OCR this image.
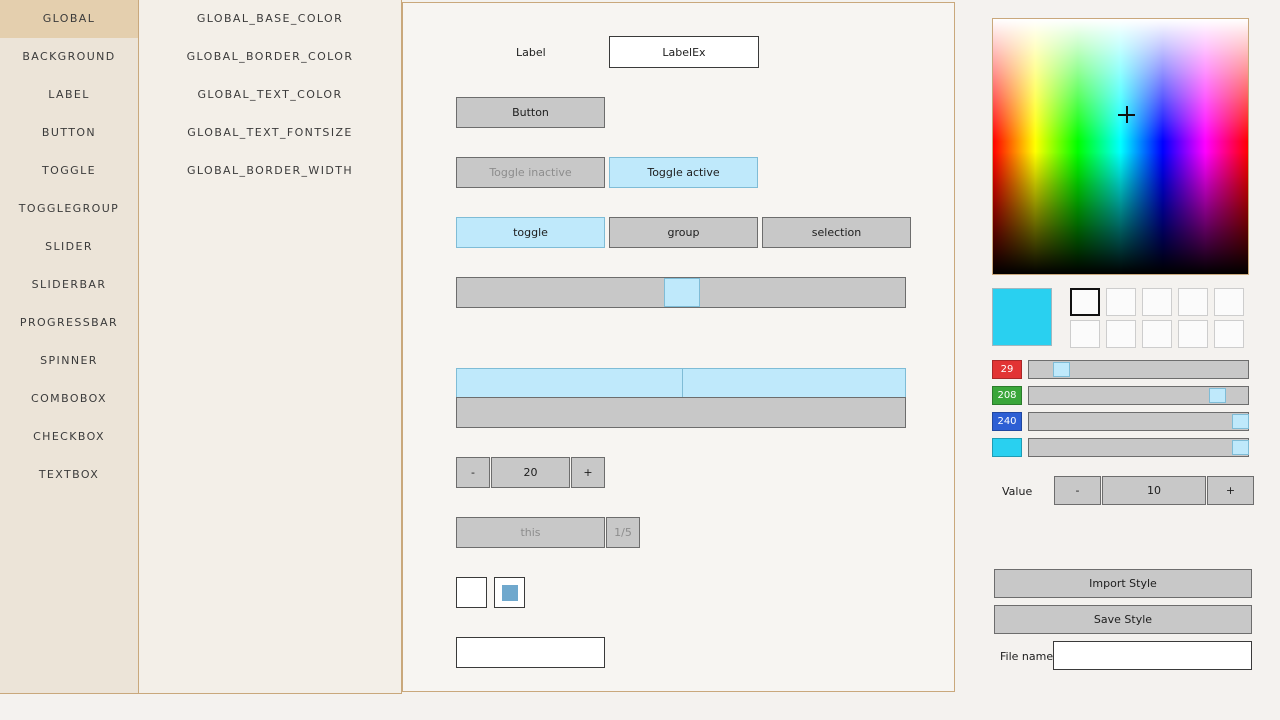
GLOBAL
BACKGROUND
LABEL
BUTTON
TOGGLE
TOGGLEGROUP
SLIDER
SLIDERBAR
PROGRESSBAR
SPINNER
COMBOBOX
CHECKBOX
TEXTBOX
GLOBAL_BASE_COLOR
GLOBAL_BORDER_COLOR
GLOBAL_TEXT_COLOR
GLOBAL_TEXT_FONTSIZE
GLOBAL_BORDER_WIDTH
Label	LabelEx
Button
Toggle inactive	Toggle active
toggle	group	selection
-	20	+
this	1/5
29
208
240
Value	-	10	+
Import Style
Save Style
File name
